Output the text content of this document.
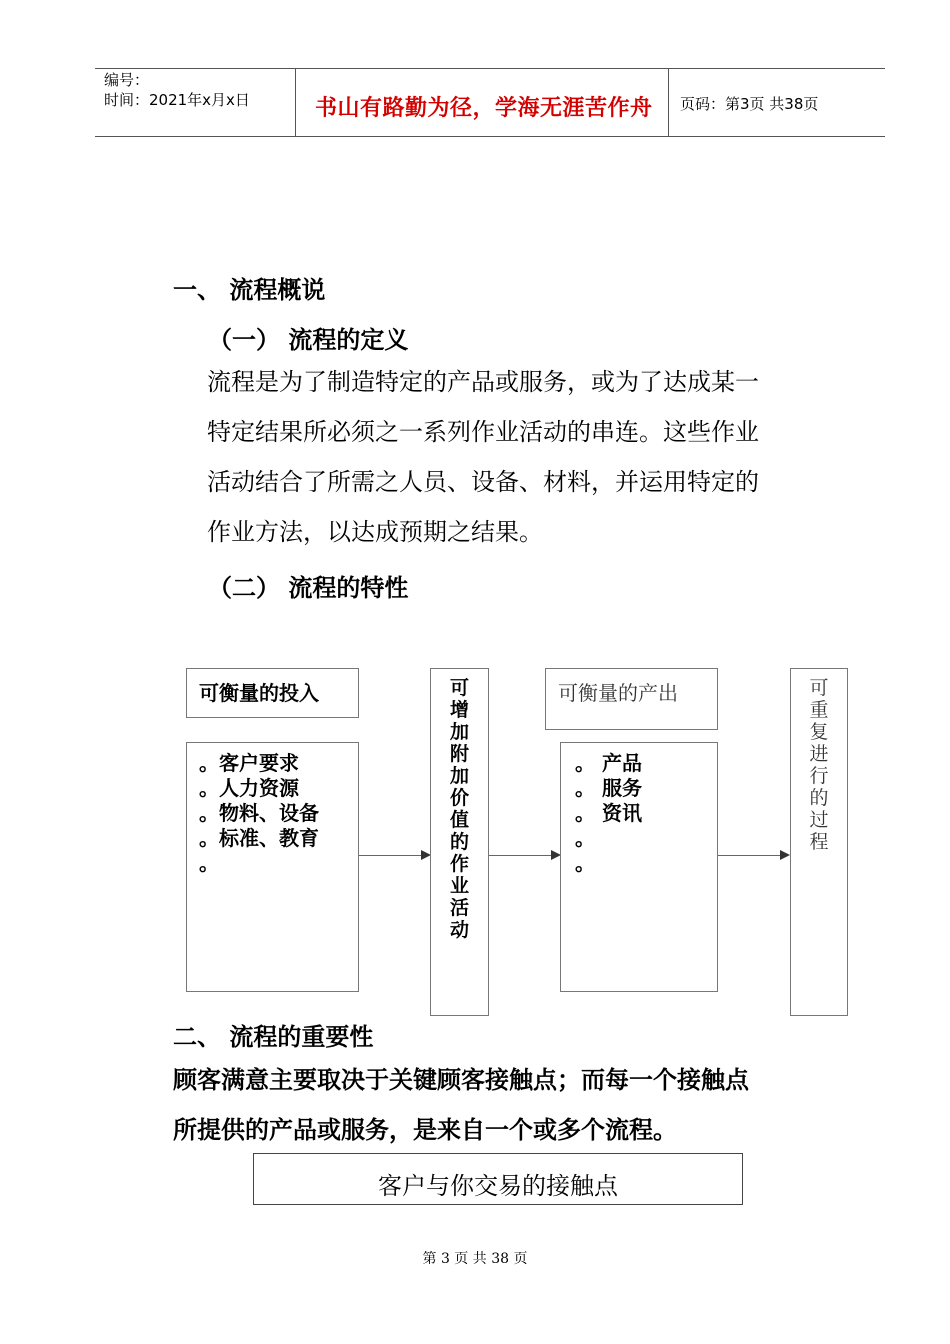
编号：
时间：2021年x月x日	书山有路勤为径，学海无涯苦作舟 页码：第3页 共38页
一、 流程概说
（一） 流程的定义
流程是为了制造特定的产品或服务，或为了达成某一
特定结果所必须之一系列作业活动的串连。这些作业
活动结合了所需之人员、设备、材料，并运用特定的
作业方法，以达成预期之结果。
（二） 流程的特性
可衡量的投入
。客户要求
。人力资源
。物料、设备
。标准、教育
。
可
增
加
附
加
价
值
的
作
业
活
动
可衡量的产出
。 产品
。 服务
。 资讯
。
。
可
重
复
进
行
的
过
程
二、 流程的重要性
顾客满意主要取决于关键顾客接触点；而每一个接触点
所提供的产品或服务，是来自一个或多个流程。
客户与你交易的接触点
第 3 页 共 38 页
